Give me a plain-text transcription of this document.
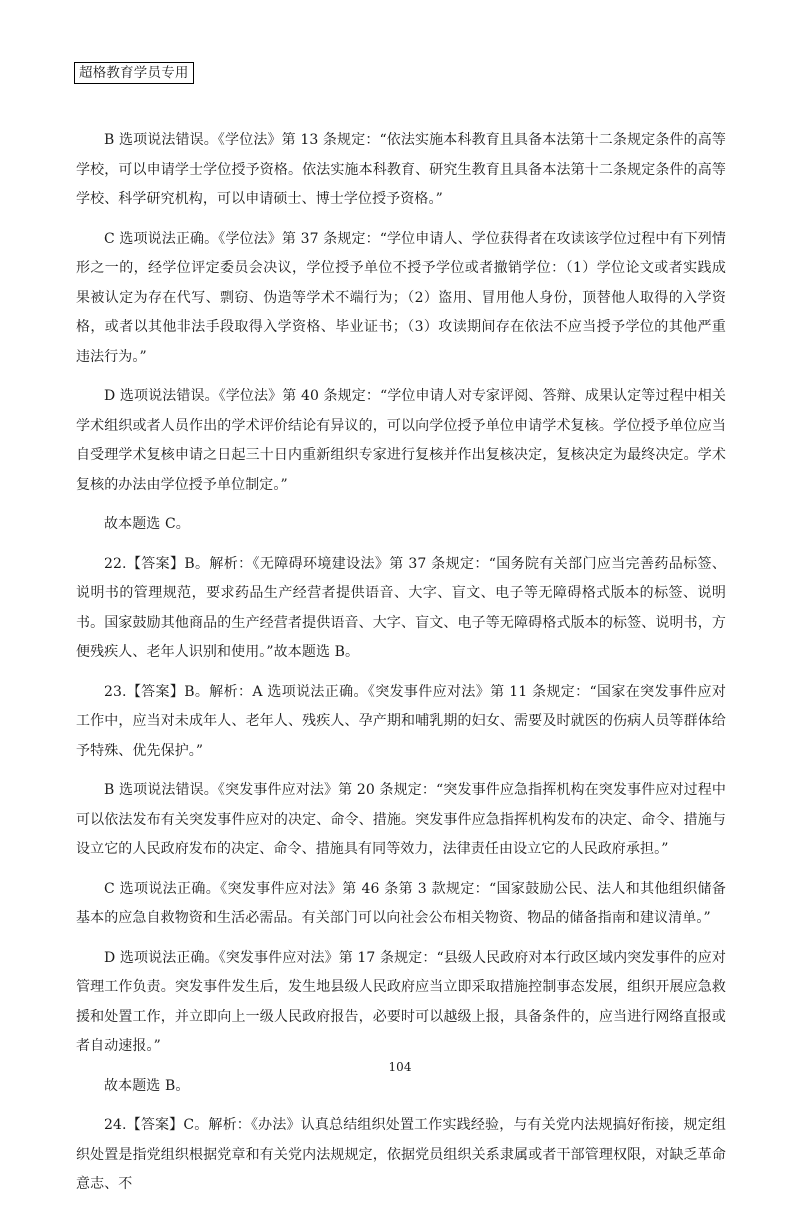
超格教育学员专用

B 选项说法错误。《学位法》第 13 条规定：“依法实施本科教育且具备本法第十二条规定条件的高等学校，可以申请学士学位授予资格。依法实施本科教育、研究生教育且具备本法第十二条规定条件的高等学校、科学研究机构，可以申请硕士、博士学位授予资格。”

C 选项说法正确。《学位法》第 37 条规定：“学位申请人、学位获得者在攻读该学位过程中有下列情形之一的，经学位评定委员会决议，学位授予单位不授予学位或者撤销学位：（1）学位论文或者实践成果被认定为存在代写、剽窃、伪造等学术不端行为；（2）盗用、冒用他人身份，顶替他人取得的入学资格，或者以其他非法手段取得入学资格、毕业证书；（3）攻读期间存在依法不应当授予学位的其他严重违法行为。”

D 选项说法错误。《学位法》第 40 条规定：“学位申请人对专家评阅、答辩、成果认定等过程中相关学术组织或者人员作出的学术评价结论有异议的，可以向学位授予单位申请学术复核。学位授予单位应当自受理学术复核申请之日起三十日内重新组织专家进行复核并作出复核决定，复核决定为最终决定。学术复核的办法由学位授予单位制定。”

故本题选 C。

22.【答案】B。解析：《无障碍环境建设法》第 37 条规定：“国务院有关部门应当完善药品标签、说明书的管理规范，要求药品生产经营者提供语音、大字、盲文、电子等无障碍格式版本的标签、说明书。国家鼓励其他商品的生产经营者提供语音、大字、盲文、电子等无障碍格式版本的标签、说明书，方便残疾人、老年人识别和使用。”故本题选 B。

23.【答案】B。解析：A 选项说法正确。《突发事件应对法》第 11 条规定：“国家在突发事件应对工作中，应当对未成年人、老年人、残疾人、孕产期和哺乳期的妇女、需要及时就医的伤病人员等群体给予特殊、优先保护。”

B 选项说法错误。《突发事件应对法》第 20 条规定：“突发事件应急指挥机构在突发事件应对过程中可以依法发布有关突发事件应对的决定、命令、措施。突发事件应急指挥机构发布的决定、命令、措施与设立它的人民政府发布的决定、命令、措施具有同等效力，法律责任由设立它的人民政府承担。”

C 选项说法正确。《突发事件应对法》第 46 条第 3 款规定：“国家鼓励公民、法人和其他组织储备基本的应急自救物资和生活必需品。有关部门可以向社会公布相关物资、物品的储备指南和建议清单。”

D 选项说法正确。《突发事件应对法》第 17 条规定：“县级人民政府对本行政区域内突发事件的应对管理工作负责。突发事件发生后，发生地县级人民政府应当立即采取措施控制事态发展，组织开展应急救援和处置工作，并立即向上一级人民政府报告，必要时可以越级上报，具备条件的，应当进行网络直报或者自动速报。”

故本题选 B。

24.【答案】C。解析：《办法》认真总结组织处置工作实践经验，与有关党内法规搞好衔接，规定组织处置是指党组织根据党章和有关党内法规规定，依据党员组织关系隶属或者干部管理权限，对缺乏革命意志、不

104
